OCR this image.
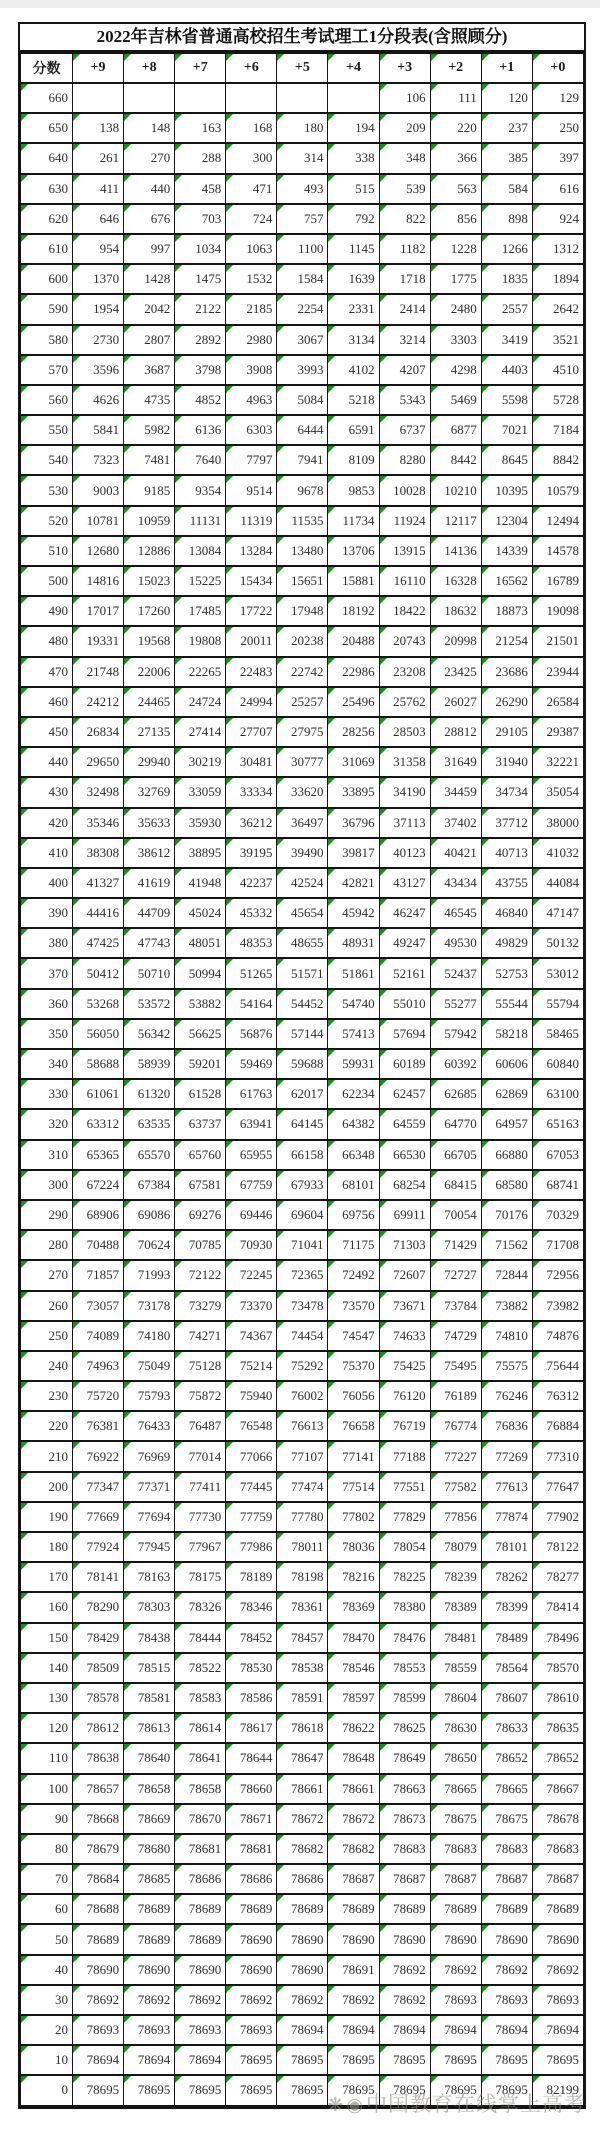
2022年吉林省普通高校招生考试理工1分段表(含照顾分)
分数	+9	+8	+7	+6	+5	+4	+3	+2	+1	+0

660							106	111	120	129

650	138	148	163	168	180	194	209	220	237	250

640	261	270	288	300	314	338	348	366	385	397

630	411	440	458	471	493	515	539	563	584	616

620	646	676	703	724	757	792	822	856	898	924

610	954	997	1034	1063	1100	1145	1182	1228	1266	1312

600	1370	1428	1475	1532	1584	1639	1718	1775	1835	1894

590	1954	2042	2122	2185	2254	2331	2414	2480	2557	2642

580	2730	2807	2892	2980	3067	3134	3214	3303	3419	3521

570	3596	3687	3798	3908	3993	4102	4207	4298	4403	4510

560	4626	4735	4852	4963	5084	5218	5343	5469	5598	5728

550	5841	5982	6136	6303	6444	6591	6737	6877	7021	7184

540	7323	7481	7640	7797	7941	8109	8280	8442	8645	8842

530	9003	9185	9354	9514	9678	9853	10028	10210	10395	10579

520	10781	10959	11131	11319	11535	11734	11924	12117	12304	12494

510	12680	12886	13084	13284	13480	13706	13915	14136	14339	14578

500	14816	15023	15225	15434	15651	15881	16110	16328	16562	16789

490	17017	17260	17485	17722	17948	18192	18422	18632	18873	19098

480	19331	19568	19808	20011	20238	20488	20743	20998	21254	21501

470	21748	22006	22265	22483	22742	22986	23208	23425	23686	23944

460	24212	24465	24724	24994	25257	25496	25762	26027	26290	26584

450	26834	27135	27414	27707	27975	28256	28503	28812	29105	29387

440	29650	29940	30219	30481	30777	31069	31358	31649	31940	32221

430	32498	32769	33059	33334	33620	33895	34190	34459	34734	35054

420	35346	35633	35930	36212	36497	36796	37113	37402	37712	38000

410	38308	38612	38895	39195	39490	39817	40123	40421	40713	41032

400	41327	41619	41948	42237	42524	42821	43127	43434	43755	44084

390	44416	44709	45024	45332	45654	45942	46247	46545	46840	47147

380	47425	47743	48051	48353	48655	48931	49247	49530	49829	50132

370	50412	50710	50994	51265	51571	51861	52161	52437	52753	53012

360	53268	53572	53882	54164	54452	54740	55010	55277	55544	55794

350	56050	56342	56625	56876	57144	57413	57694	57942	58218	58465

340	58688	58939	59201	59469	59688	59931	60189	60392	60606	60840

330	61061	61320	61528	61763	62017	62234	62457	62685	62869	63100

320	63312	63535	63737	63941	64145	64382	64559	64770	64957	65163

310	65365	65570	65760	65955	66158	66348	66530	66705	66880	67053

300	67224	67384	67581	67759	67933	68101	68254	68415	68580	68741

290	68906	69086	69276	69446	69604	69756	69911	70054	70176	70329

280	70488	70624	70785	70930	71041	71175	71303	71429	71562	71708

270	71857	71993	72122	72245	72365	72492	72607	72727	72844	72956

260	73057	73178	73279	73370	73478	73570	73671	73784	73882	73982

250	74089	74180	74271	74367	74454	74547	74633	74729	74810	74876

240	74963	75049	75128	75214	75292	75370	75425	75495	75575	75644

230	75720	75793	75872	75940	76002	76056	76120	76189	76246	76312

220	76381	76433	76487	76548	76613	76658	76719	76774	76836	76884

210	76922	76969	77014	77066	77107	77141	77188	77227	77269	77310

200	77347	77371	77411	77445	77474	77514	77551	77582	77613	77647

190	77669	77694	77730	77759	77780	77802	77829	77856	77874	77902

180	77924	77945	77967	77986	78011	78036	78054	78079	78101	78122

170	78141	78163	78175	78189	78198	78216	78225	78239	78262	78277

160	78290	78303	78326	78346	78361	78369	78380	78389	78399	78414

150	78429	78438	78444	78452	78457	78470	78476	78481	78489	78496

140	78509	78515	78522	78530	78538	78546	78553	78559	78564	78570

130	78578	78581	78583	78586	78591	78597	78599	78604	78607	78610

120	78612	78613	78614	78617	78618	78622	78625	78630	78633	78635

110	78638	78640	78641	78644	78647	78648	78649	78650	78652	78652

100	78657	78658	78658	78660	78661	78661	78663	78665	78665	78667

90	78668	78669	78670	78671	78672	78672	78673	78675	78675	78678

80	78679	78680	78681	78681	78682	78682	78683	78683	78683	78683

70	78684	78685	78686	78686	78686	78687	78687	78687	78687	78687

60	78688	78689	78689	78689	78689	78689	78689	78689	78689	78689

50	78689	78689	78689	78690	78690	78690	78690	78690	78690	78690

40	78690	78690	78690	78690	78690	78691	78692	78692	78692	78692

30	78692	78692	78692	78692	78692	78692	78692	78693	78693	78693

20	78693	78693	78693	78693	78694	78694	78694	78694	78694	78694

10	78694	78694	78694	78695	78695	78695	78695	78695	78695	78695

0	78695	78695	78695	78695	78695	78695	78695	78695	78695	82199
❋ ◉中国教育在线掌上高考
